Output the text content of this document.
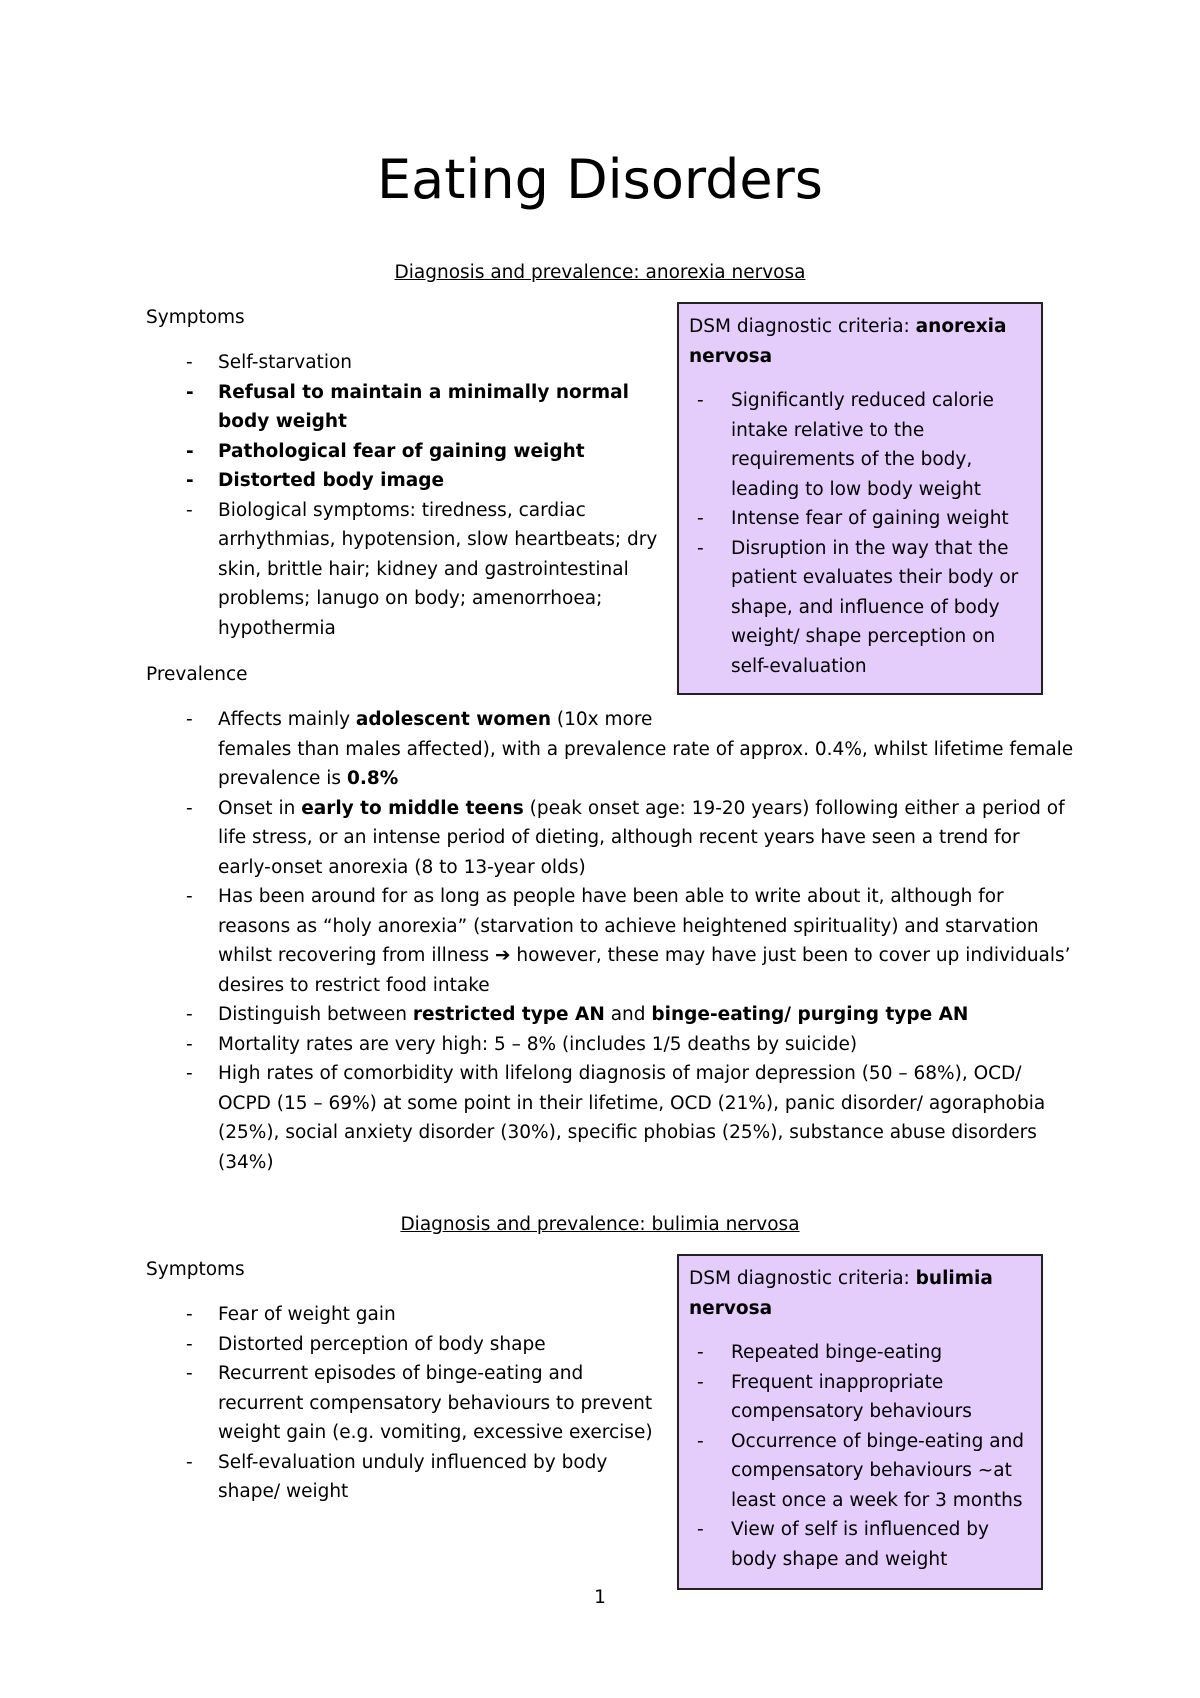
Eating Disorders
Diagnosis and prevalence: anorexia nervosa
Symptoms
- Self-starvation
- Refusal to maintain a minimally normal body weight
- Pathological fear of gaining weight
- Distorted body image
- Biological symptoms: tiredness, cardiac arrhythmias, hypotension, slow heartbeats; dry skin, brittle hair; kidney and gastrointestinal problems; lanugo on body; amenorrhoea; hypothermia
Prevalence
- Affects mainly adolescent women (10x more
females than males affected), with a prevalence rate of approx. 0.4%, whilst lifetime female prevalence is 0.8%
- Onset in early to middle teens (peak onset age: 19-20 years) following either a period of life stress, or an intense period of dieting, although recent years have seen a trend for early-onset anorexia (8 to 13-year olds)
- Has been around for as long as people have been able to write about it, although for reasons as “holy anorexia” (starvation to achieve heightened spirituality) and starvation whilst recovering from illness ➔ however, these may have just been to cover up individuals’ desires to restrict food intake
- Distinguish between restricted type AN and binge-eating/ purging type AN
- Mortality rates are very high: 5 – 8% (includes 1/5 deaths by suicide)
- High rates of comorbidity with lifelong diagnosis of major depression (50 – 68%), OCD/ OCPD (15 – 69%) at some point in their lifetime, OCD (21%), panic disorder/ agoraphobia (25%), social anxiety disorder (30%), specific phobias (25%), substance abuse disorders (34%)
DSM diagnostic criteria: anorexia nervosa
- Significantly reduced calorie intake relative to the requirements of the body, leading to low body weight
- Intense fear of gaining weight
- Disruption in the way that the patient evaluates their body or shape, and influence of body weight/ shape perception on self-evaluation
Diagnosis and prevalence: bulimia nervosa
Symptoms
- Fear of weight gain
- Distorted perception of body shape
- Recurrent episodes of binge-eating and recurrent compensatory behaviours to prevent weight gain (e.g. vomiting, excessive exercise)
- Self-evaluation unduly influenced by body shape/ weight
DSM diagnostic criteria: bulimia nervosa
- Repeated binge-eating
- Frequent inappropriate compensatory behaviours
- Occurrence of binge-eating and compensatory behaviours ~at least once a week for 3 months
- View of self is influenced by body shape and weight
1
